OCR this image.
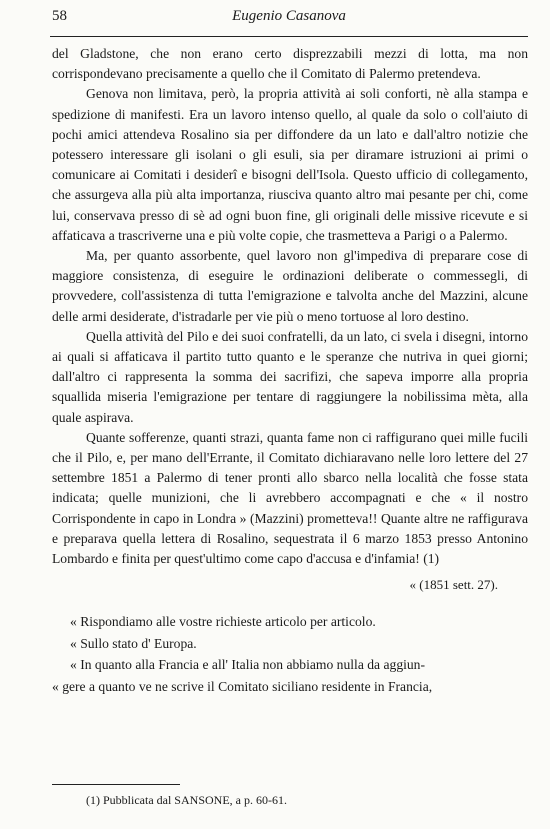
58	Eugenio Casanova

del Gladstone, che non erano certo disprezzabili mezzi di lotta, ma non corrispondevano precisamente a quello che il Comitato di Palermo pretendeva.

Genova non limitava, però, la propria attività ai soli conforti, nè alla stampa e spedizione di manifesti. Era un lavoro intenso quello, al quale da solo o coll'aiuto di pochi amici attendeva Rosalino sia per diffondere da un lato e dall'altro notizie che potessero interessare gli isolani o gli esuli, sia per diramare istruzioni ai primi o comunicare ai Comitati i desiderî e bisogni dell'Isola. Questo ufficio di collegamento, che assurgeva alla più alta importanza, riusciva quanto altro mai pesante per chi, come lui, conservava presso di sè ad ogni buon fine, gli originali delle missive ricevute e si affaticava a trascriverne una e più volte copie, che trasmetteva a Parigi o a Palermo.

Ma, per quanto assorbente, quel lavoro non gl'impediva di preparare cose di maggiore consistenza, di eseguire le ordinazioni deliberate o commessegli, di provvedere, coll'assistenza di tutta l'emigrazione e talvolta anche del Mazzini, alcune delle armi desiderate, d'istradarle per vie più o meno tortuose al loro destino.

Quella attività del Pilo e dei suoi confratelli, da un lato, ci svela i disegni, intorno ai quali si affaticava il partito tutto quanto e le speranze che nutriva in quei giorni; dall'altro ci rappresenta la somma dei sacrifizi, che sapeva imporre alla propria squallida miseria l'emigrazione per tentare di raggiungere la nobilissima mèta, alla quale aspirava.

Quante sofferenze, quanti strazi, quanta fame non ci raffigurano quei mille fucili che il Pilo, e, per mano dell'Errante, il Comitato dichiaravano nelle loro lettere del 27 settembre 1851 a Palermo di tener pronti allo sbarco nella località che fosse stata indicata; quelle munizioni, che li avrebbero accompagnati e che « il nostro Corrispondente in capo in Londra » (Mazzini) prometteva!! Quante altre ne raffigurava e preparava quella lettera di Rosalino, sequestrata il 6 marzo 1853 presso Antonino Lombardo e finita per quest'ultimo come capo d'accusa e d'infamia! (1)

« (1851 sett. 27).

« Rispondiamo alle vostre richieste articolo per articolo.

« Sullo stato d' Europa.

« In quanto alla Francia e all' Italia non abbiamo nulla da aggiun-

« gere a quanto ve ne scrive il Comitato siciliano residente in Francia,

(1) Pubblicata dal SANSONE, a p. 60-61.
